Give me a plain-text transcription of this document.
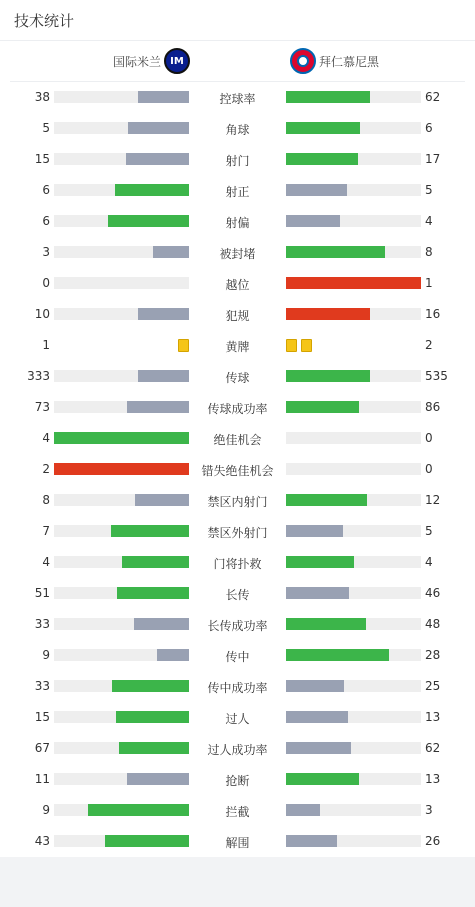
技术统计
国际米兰 IM	拜仁慕尼黑
38	控球率	62
5	角球	6
15	射门	17
6	射正	5
6	射偏	4
3	被封堵	8
0	越位	1
10	犯规	16
1	黄牌	2
333	传球	535
73	传球成功率	86
4	绝佳机会	0
2	错失绝佳机会	0
8	禁区内射门	12
7	禁区外射门	5
4	门将扑救	4
51	长传	46
33	长传成功率	48
9	传中	28
33	传中成功率	25
15	过人	13
67	过人成功率	62
11	抢断	13
9	拦截	3
43	解围	26
